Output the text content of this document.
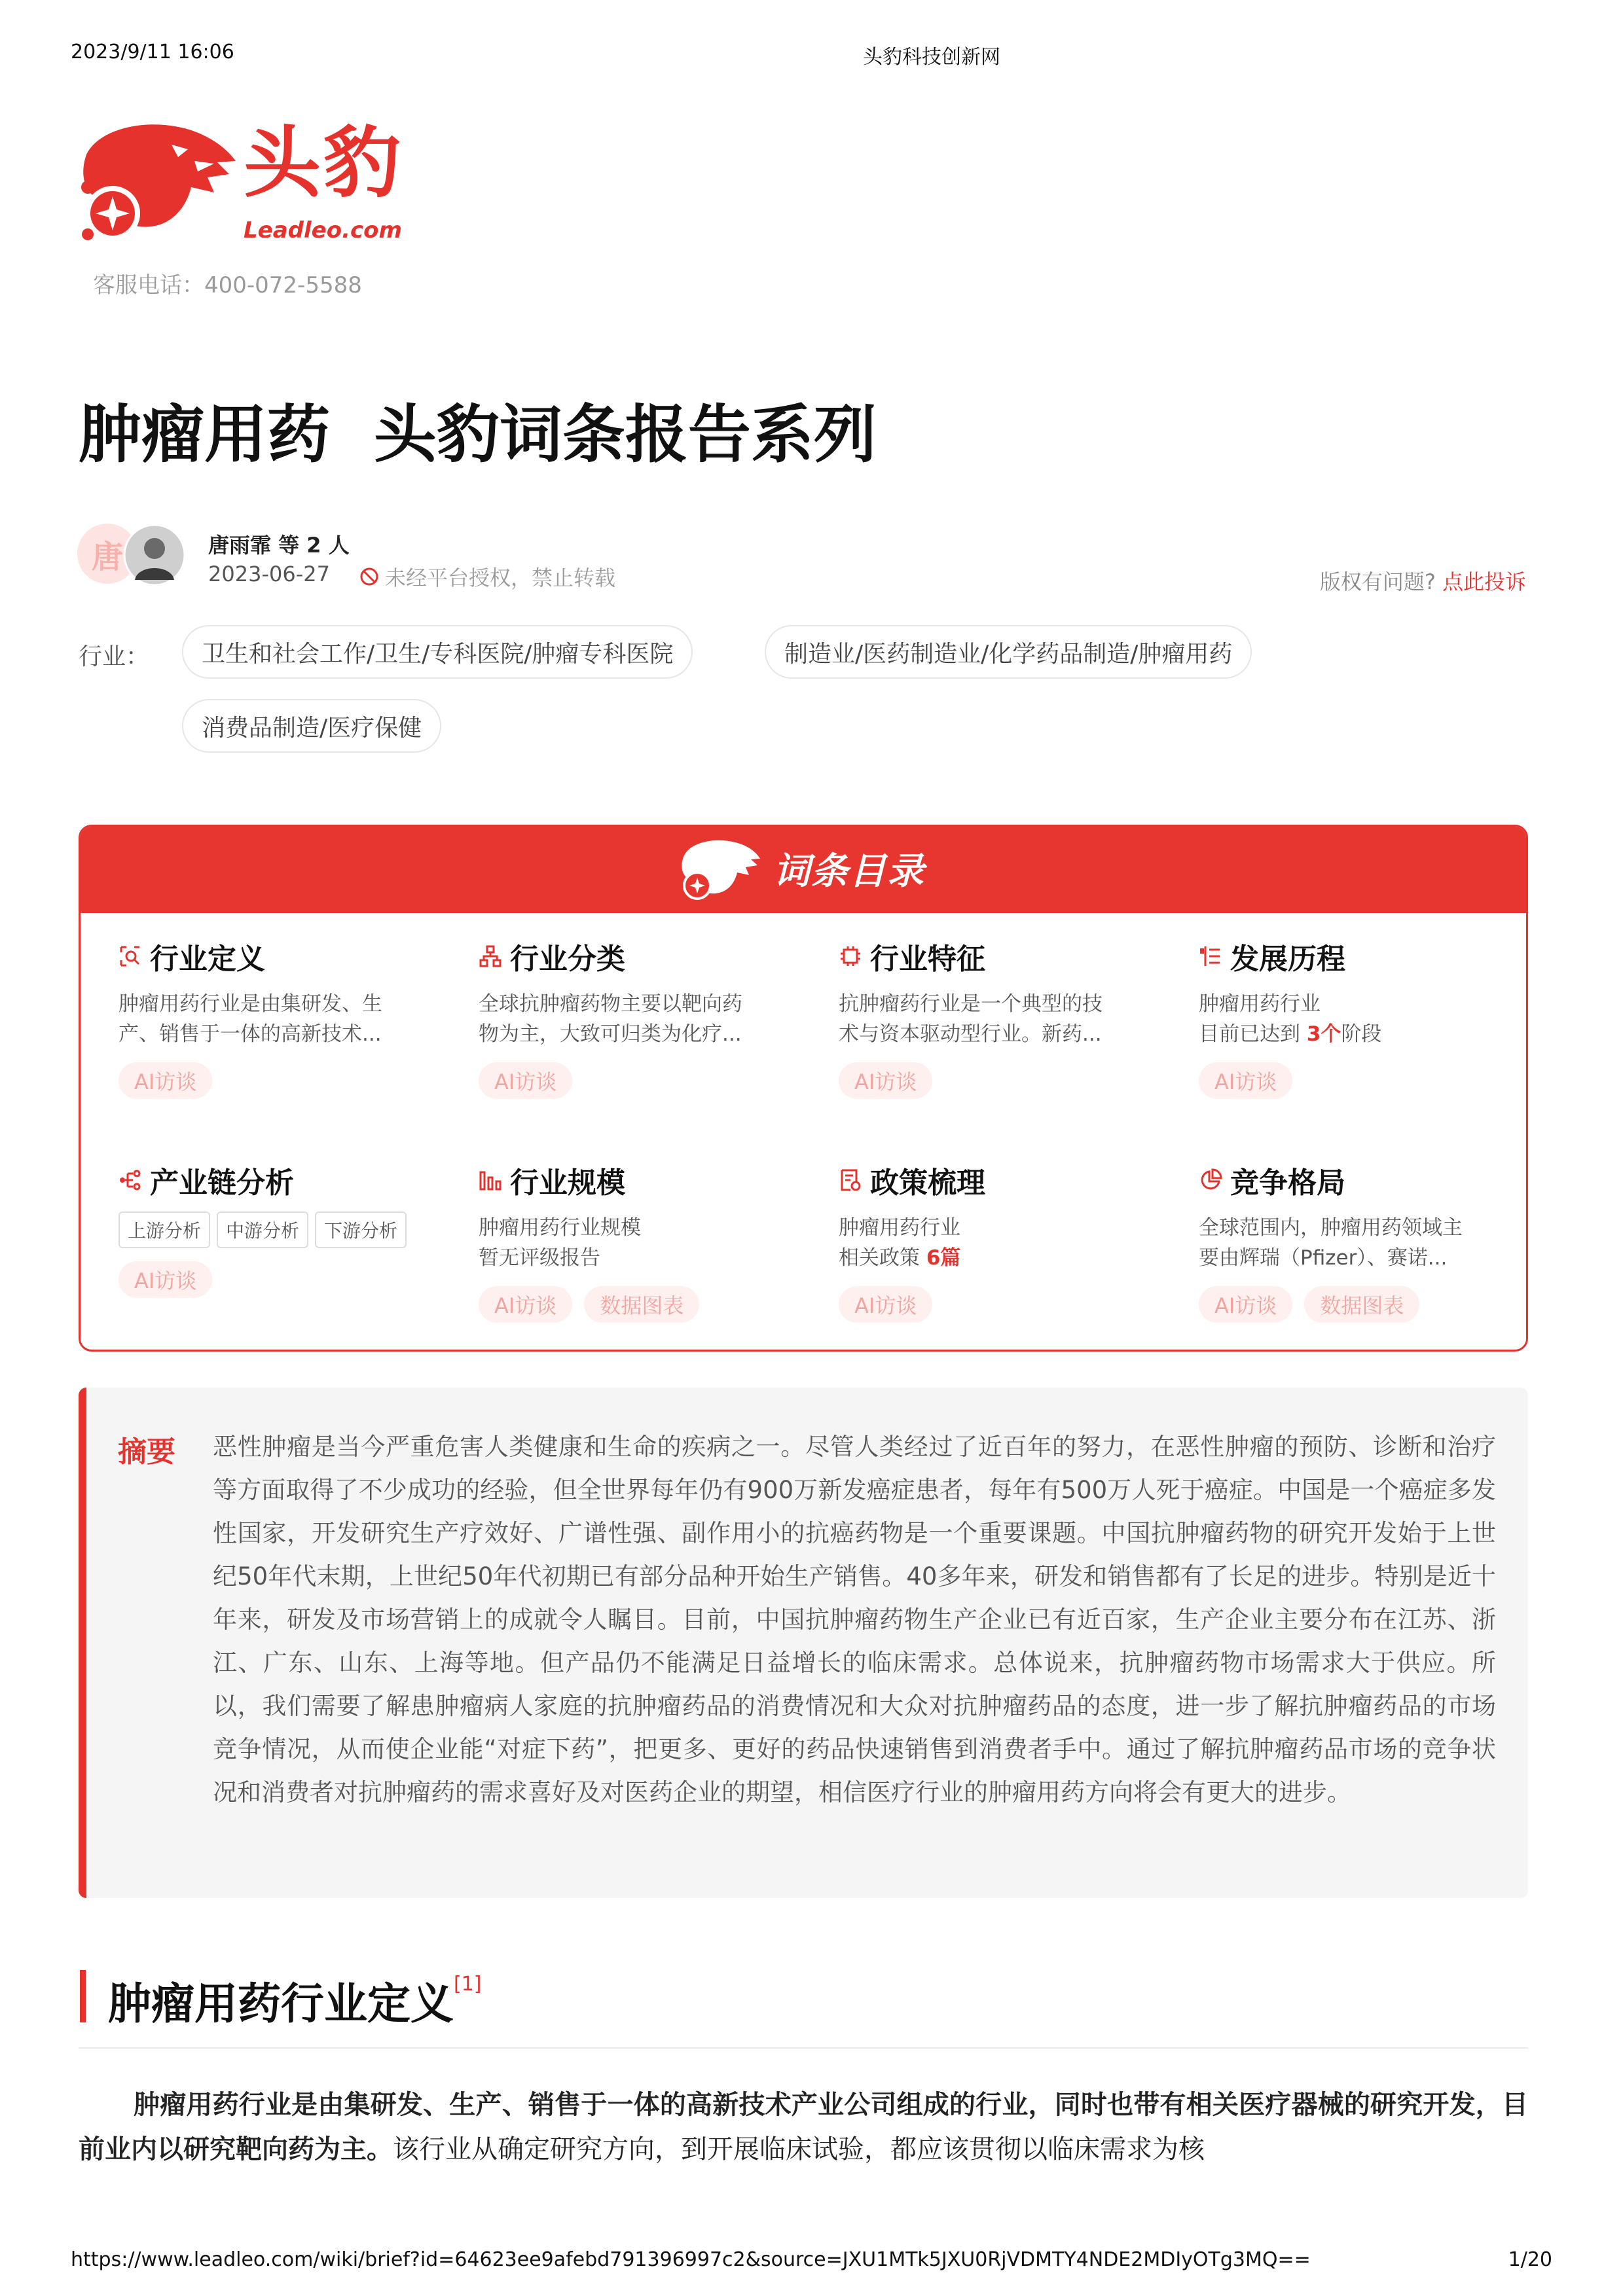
2023/9/11 16:06	头豹科技创新网
头豹
Leadleo.com
客服电话：400-072-5588
肿瘤用药  头豹词条报告系列
唐	唐雨霏 等 2 人
2023-06-27	未经平台授权，禁止转载	版权有问题? 点此投诉
行业：	卫生和社会工作/卫生/专科医院/肿瘤专科医院	制造业/医药制造业/化学药品制造/肿瘤用药
消费品制造/医疗保健
词条目录
行业定义
肿瘤用药行业是由集研发、生
产、销售于一体的高新技术...
AI访谈
行业分类
全球抗肿瘤药物主要以靶向药
物为主，大致可归类为化疗...
AI访谈
行业特征
抗肿瘤药行业是一个典型的技
术与资本驱动型行业。新药...
AI访谈
发展历程
肿瘤用药行业
目前已达到 3个阶段
AI访谈
产业链分析
上游分析	中游分析	下游分析
AI访谈
行业规模
肿瘤用药行业规模
暂无评级报告
AI访谈	数据图表
政策梳理
肿瘤用药行业
相关政策 6篇
AI访谈
竞争格局
全球范围内，肿瘤用药领域主
要由辉瑞（Pfizer）、赛诺...
AI访谈	数据图表
摘要 恶性肿瘤是当今严重危害人类健康和生命的疾病之一。尽管人类经过了近百年的努力，在恶性肿瘤的预防、诊断和治疗等方面取得了不少成功的经验，但全世界每年仍有900万新发癌症患者，每年有500万人死于癌症。中国是一个癌症多发性国家，开发研究生产疗效好、广谱性强、副作用小的抗癌药物是一个重要课题。中国抗肿瘤药物的研究开发始于上世纪50年代末期，上世纪50年代初期已有部分品种开始生产销售。40多年来，研发和销售都有了长足的进步。特别是近十年来，研发及市场营销上的成就令人瞩目。目前，中国抗肿瘤药物生产企业已有近百家，生产企业主要分布在江苏、浙江、广东、山东、上海等地。但产品仍不能满足日益增长的临床需求。总体说来，抗肿瘤药物市场需求大于供应。所以，我们需要了解患肿瘤病人家庭的抗肿瘤药品的消费情况和大众对抗肿瘤药品的态度，进一步了解抗肿瘤药品的市场竞争情况，从而使企业能“对症下药”，把更多、更好的药品快速销售到消费者手中。通过了解抗肿瘤药品市场的竞争状况和消费者对抗肿瘤药的需求喜好及对医药企业的期望，相信医疗行业的肿瘤用药方向将会有更大的进步。
肿瘤用药行业定义[1]
肿瘤用药行业是由集研发、生产、销售于一体的高新技术产业公司组成的行业，同时也带有相关医疗器械的研究开发，目前业内以研究靶向药为主。该行业从确定研究方向，到开展临床试验，都应该贯彻以临床需求为核
https://www.leadleo.com/wiki/brief?id=64623ee9afebd791396997c2&source=JXU1MTk5JXU0RjVDMTY4NDE2MDIyOTg3MQ==	1/20
